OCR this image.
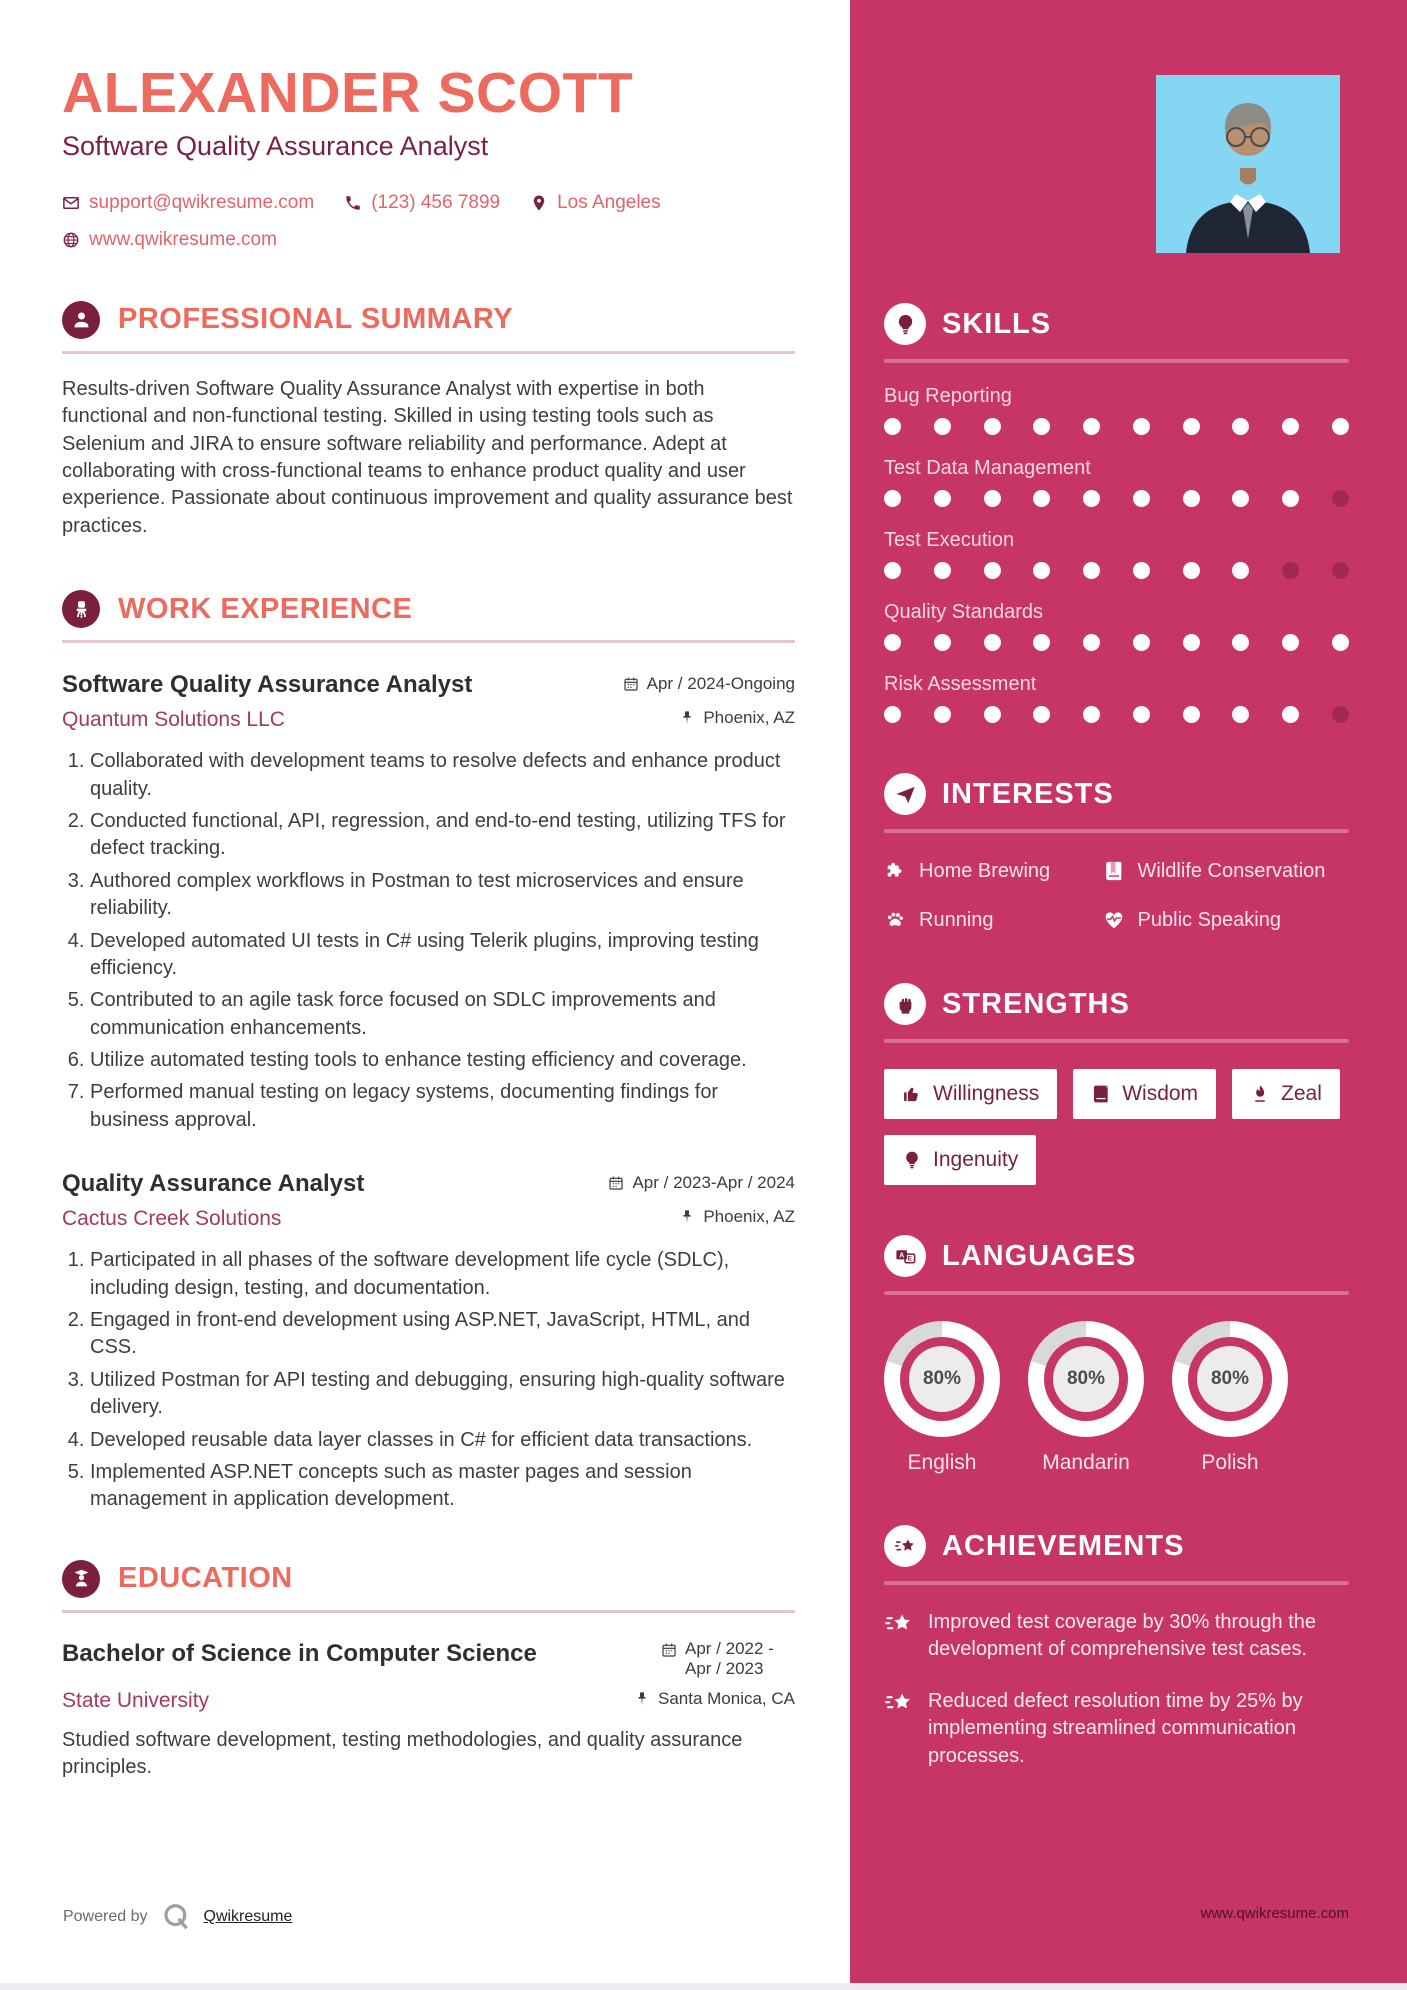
ALEXANDER SCOTT
Software Quality Assurance Analyst
support@qwikresume.com	(123) 456 7899	Los Angeles
www.qwikresume.com
PROFESSIONAL SUMMARY

Results-driven Software Quality Assurance Analyst with expertise in both functional and non-functional testing. Skilled in using testing tools such as Selenium and JIRA to ensure software reliability and performance. Adept at collaborating with cross-functional teams to enhance product quality and user experience. Passionate about continuous improvement and quality assurance best practices.

WORK EXPERIENCE
Software Quality Assurance Analyst	Apr / 2024-Ongoing
Quantum Solutions LLC	Phoenix, AZ
1. Collaborated with development teams to resolve defects and enhance product quality.
2. Conducted functional, API, regression, and end-to-end testing, utilizing TFS for defect tracking.
3. Authored complex workflows in Postman to test microservices and ensure reliability.
4. Developed automated UI tests in C# using Telerik plugins, improving testing efficiency.
5. Contributed to an agile task force focused on SDLC improvements and communication enhancements.
6. Utilize automated testing tools to enhance testing efficiency and coverage.
7. Performed manual testing on legacy systems, documenting findings for business approval.
Quality Assurance Analyst	Apr / 2023-Apr / 2024
Cactus Creek Solutions	Phoenix, AZ
1. Participated in all phases of the software development life cycle (SDLC), including design, testing, and documentation.
2. Engaged in front-end development using ASP.NET, JavaScript, HTML, and CSS.
3. Utilized Postman for API testing and debugging, ensuring high-quality software delivery.
4. Developed reusable data layer classes in C# for efficient data transactions.
5. Implemented ASP.NET concepts such as master pages and session management in application development.
EDUCATION
Bachelor of Science in Computer Science	Apr / 2022 - Apr / 2023
State University	Santa Monica, CA

Studied software development, testing methodologies, and quality assurance principles.

Powered by	Qwikresume
SKILLS
Bug Reporting
Test Data Management
Test Execution
Quality Standards
Risk Assessment
INTERESTS
Home Brewing	Wildlife Conservation
Running	Public Speaking
STRENGTHS
Willingness	Wisdom	Zeal
Ingenuity
A E LANGUAGES
80%
English
80%
Mandarin
80%
Polish
ACHIEVEMENTS
Improved test coverage by 30% through the development of comprehensive test cases.
Reduced defect resolution time by 25% by implementing streamlined communication processes.
www.qwikresume.com
